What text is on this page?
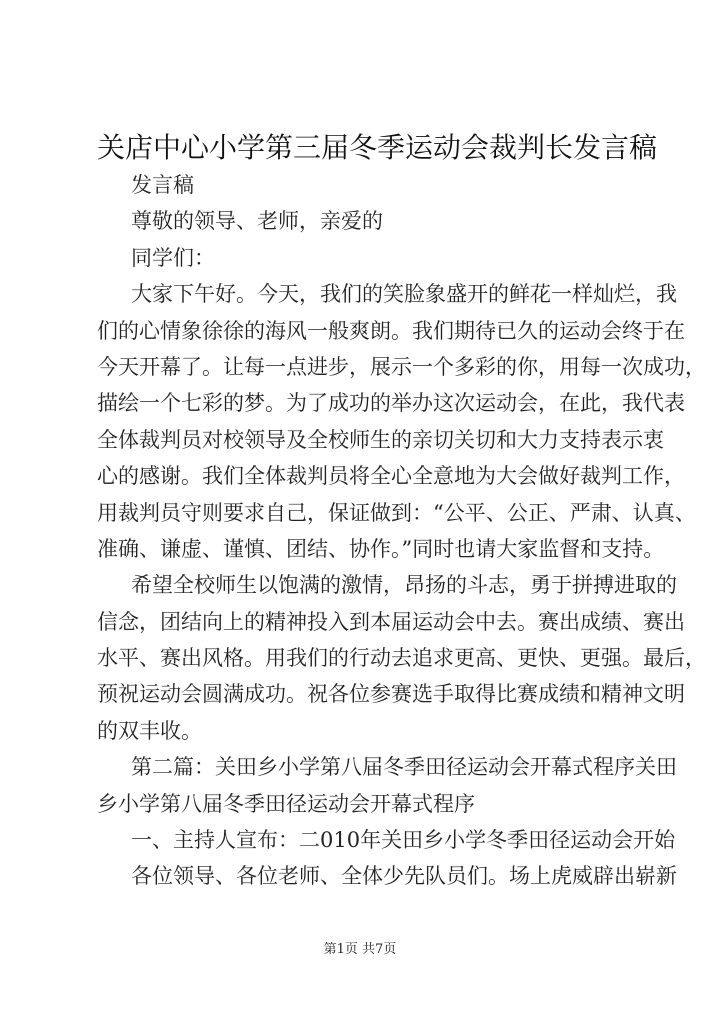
关店中心小学第三届冬季运动会裁判长发言稿
发言稿
尊敬的领导、老师，亲爱的
同学们：
大家下午好。今天，我们的笑脸象盛开的鲜花一样灿烂，我
们的心情象徐徐的海风一般爽朗。我们期待已久的运动会终于在
今天开幕了。让每一点进步，展示一个多彩的你，用每一次成功，
描绘一个七彩的梦。为了成功的举办这次运动会，在此，我代表
全体裁判员对校领导及全校师生的亲切关切和大力支持表示衷
心的感谢。我们全体裁判员将全心全意地为大会做好裁判工作，
用裁判员守则要求自己，保证做到：“公平、公正、严肃、认真、
准确、谦虚、谨慎、团结、协作。”同时也请大家监督和支持。
希望全校师生以饱满的激情，昂扬的斗志，勇于拼搏进取的
信念，团结向上的精神投入到本届运动会中去。赛出成绩、赛出
水平、赛出风格。用我们的行动去追求更高、更快、更强。最后，
预祝运动会圆满成功。祝各位参赛选手取得比赛成绩和精神文明
的双丰收。
第二篇：关田乡小学第八届冬季田径运动会开幕式程序关田
乡小学第八届冬季田径运动会开幕式程序
一、主持人宣布：二010年关田乡小学冬季田径运动会开始
各位领导、各位老师、全体少先队员们。场上虎威辟出崭新
第1页 共7页
